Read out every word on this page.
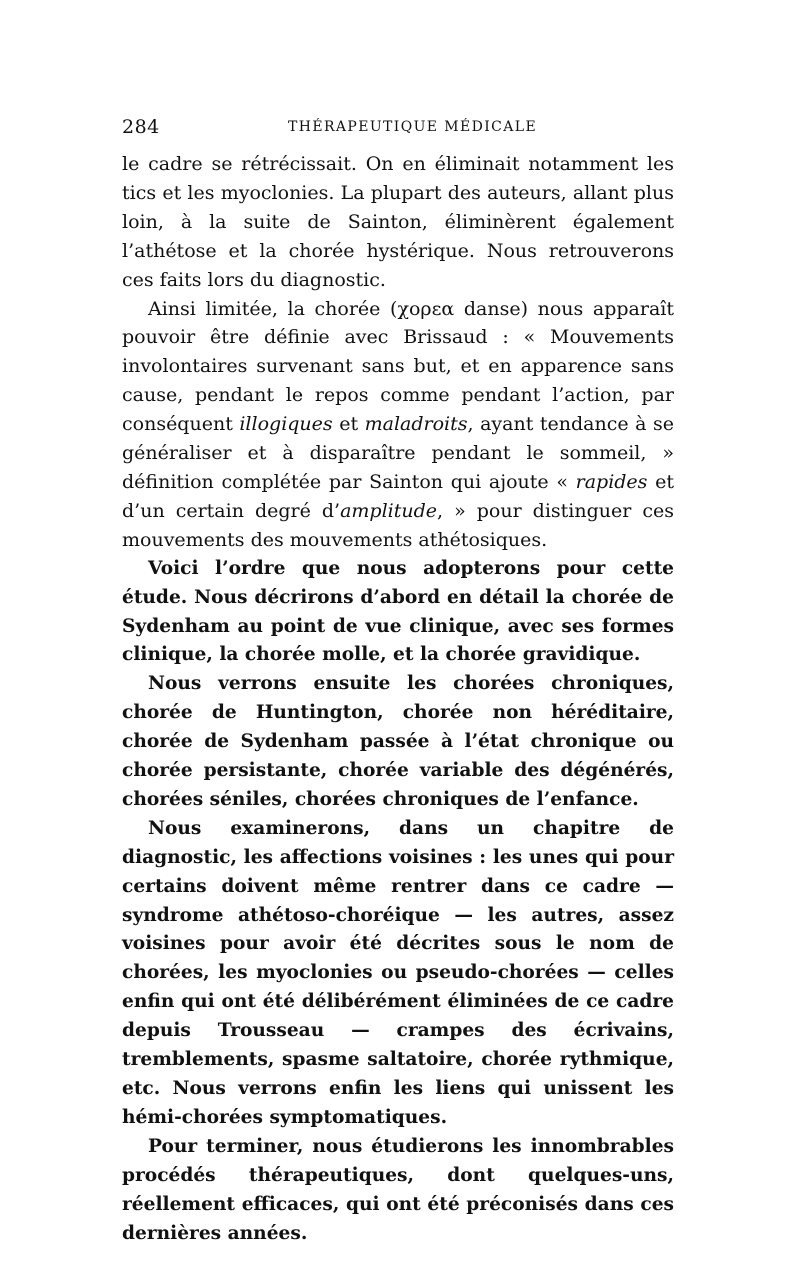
284	THÉRAPEUTIQUE MÉDICALE

le cadre se rétrécissait. On en éliminait notamment les tics et les myoclonies. La plupart des auteurs, allant plus loin, à la suite de Sainton, éliminèrent également l’athétose et la chorée hystérique. Nous retrouverons ces faits lors du diagnostic.

Ainsi limitée, la chorée (χορεα danse) nous apparaît pouvoir être définie avec Brissaud : « Mouvements involontaires survenant sans but, et en apparence sans cause, pendant le repos comme pendant l’action, par conséquent illogiques et maladroits, ayant tendance à se généraliser et à disparaître pendant le sommeil, » définition complétée par Sainton qui ajoute « rapides et d’un certain degré d’amplitude, » pour distinguer ces mouvements des mouvements athétosiques.

Voici l’ordre que nous adopterons pour cette étude. Nous décrirons d’abord en détail la chorée de Sydenham au point de vue clinique, avec ses formes clinique, la chorée molle, et la chorée gravidique.

Nous verrons ensuite les chorées chroniques, chorée de Huntington, chorée non héréditaire, chorée de Sydenham passée à l’état chronique ou chorée persistante, chorée variable des dégénérés, chorées séniles, chorées chroniques de l’enfance.

Nous examinerons, dans un chapitre de diagnostic, les affections voisines : les unes qui pour certains doivent même rentrer dans ce cadre — syndrome athétoso-choréique — les autres, assez voisines pour avoir été décrites sous le nom de chorées, les myoclonies ou pseudo-chorées — celles enfin qui ont été délibérément éliminées de ce cadre depuis Trousseau — crampes des écrivains, tremblements, spasme saltatoire, chorée rythmique, etc. Nous verrons enfin les liens qui unissent les hémi-chorées symptomatiques.

Pour terminer, nous étudierons les innombrables procédés thérapeutiques, dont quelques-uns, réellement efficaces, qui ont été préconisés dans ces dernières années.
